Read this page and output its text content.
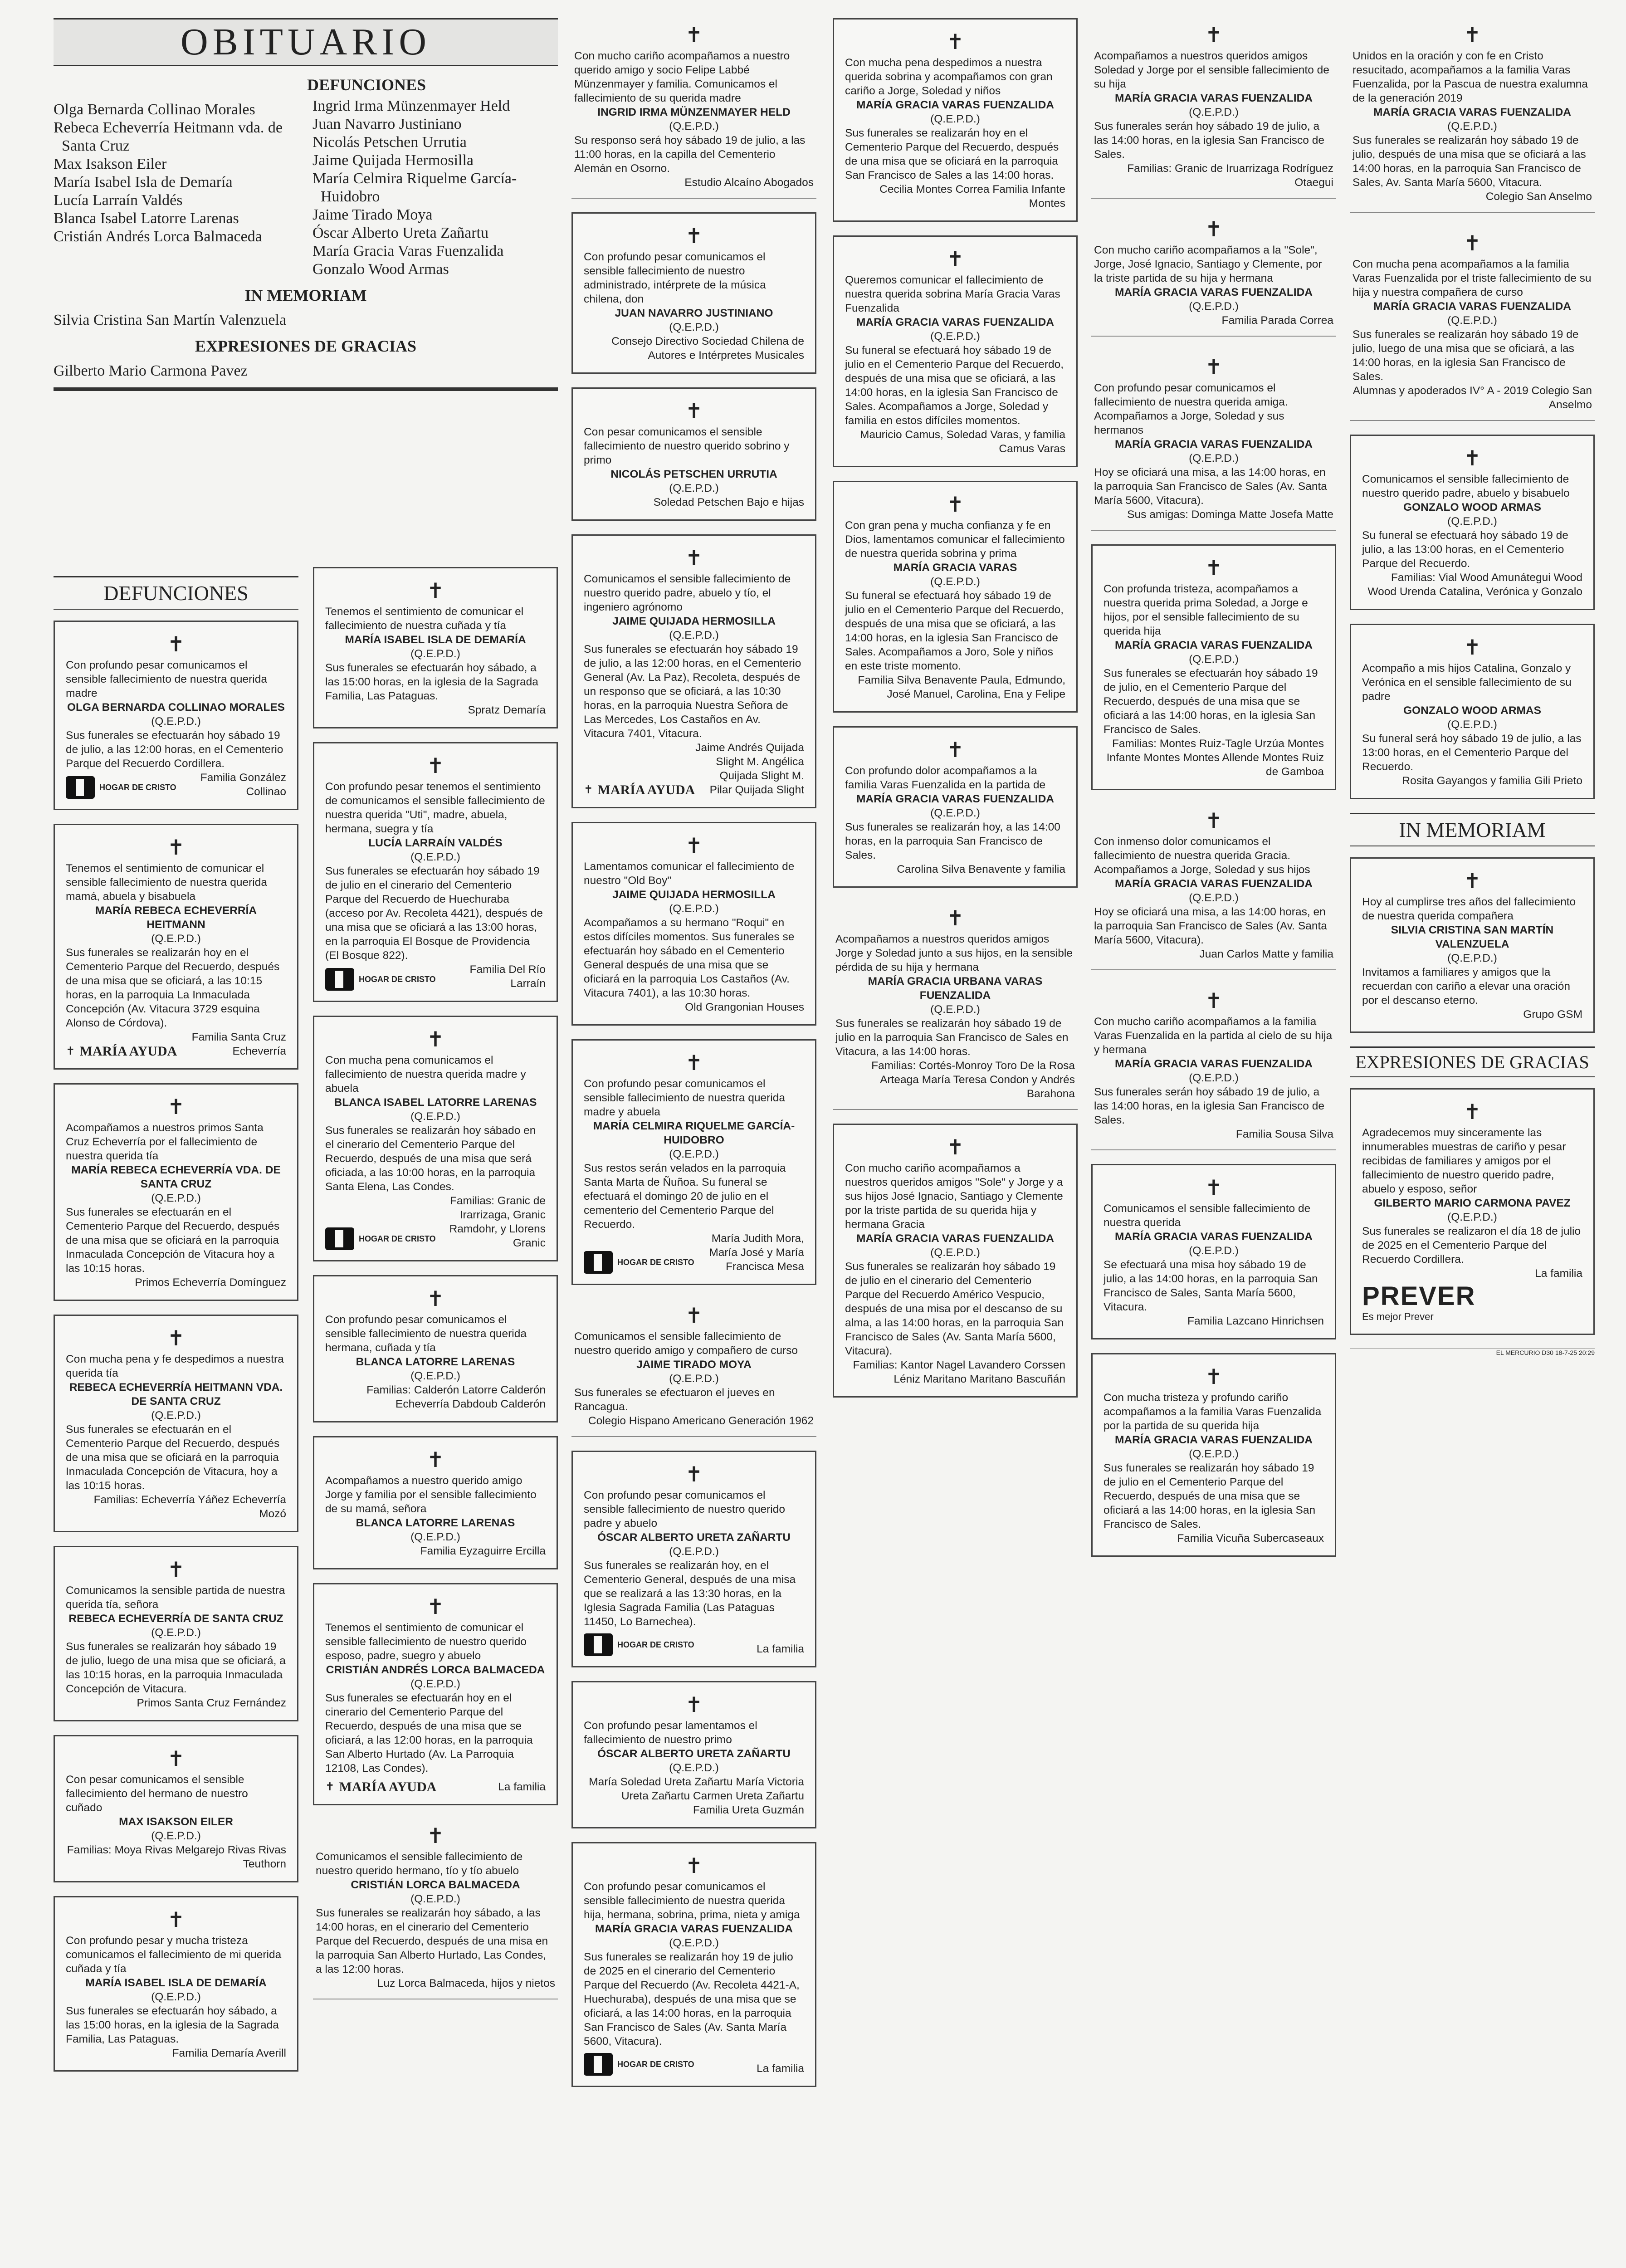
OBITUARIO
DEFUNCIONES
Olga Bernarda Collinao Morales
Rebeca Echeverría Heitmann vda. de Santa Cruz
Max Isakson Eiler
María Isabel Isla de Demaría
Lucía Larraín Valdés
Blanca Isabel Latorre Larenas
Cristián Andrés Lorca Balmaceda
Ingrid Irma Münzenmayer Held
Juan Navarro Justiniano
Nicolás Petschen Urrutia
Jaime Quijada Hermosilla
María Celmira Riquelme García-Huidobro
Jaime Tirado Moya
Óscar Alberto Ureta Zañartu
María Gracia Varas Fuenzalida
Gonzalo Wood Armas
IN MEMORIAM
Silvia Cristina San Martín Valenzuela
EXPRESIONES DE GRACIAS
Gilberto Mario Carmona Pavez
DEFUNCIONES
✝
Con profundo pesar comunicamos el sensible fallecimiento de nuestra querida madre
OLGA BERNARDA COLLINAO MORALES
(Q.E.P.D.)
Sus funerales se efectuarán hoy sábado 19 de julio, a las 12:00 horas, en el Cementerio Parque del Recuerdo Cordillera.
HOGAR DE CRISTO
Familia González Collinao
✝
Tenemos el sentimiento de comunicar el sensible fallecimiento de nuestra querida mamá, abuela y bisabuela
MARÍA REBECA ECHEVERRÍA HEITMANN
(Q.E.P.D.)
Sus funerales se realizarán hoy en el Cementerio Parque del Recuerdo, después de una misa que se oficiará, a las 10:15 horas, en la parroquia La Inmaculada Concepción (Av. Vitacura 3729 esquina Alonso de Córdova).
✝ MARÍA AYUDA
Familia Santa Cruz Echeverría
✝
Acompañamos a nuestros primos Santa Cruz Echeverría por el fallecimiento de nuestra querida tía
MARÍA REBECA ECHEVERRÍA VDA. DE SANTA CRUZ
(Q.E.P.D.)
Sus funerales se efectuarán en el Cementerio Parque del Recuerdo, después de una misa que se oficiará en la parroquia Inmaculada Concepción de Vitacura hoy a las 10:15 horas.
Primos Echeverría Domínguez
✝
Con mucha pena y fe despedimos a nuestra querida tía
REBECA ECHEVERRÍA HEITMANN VDA. DE SANTA CRUZ
(Q.E.P.D.)
Sus funerales se efectuarán en el Cementerio Parque del Recuerdo, después de una misa que se oficiará en la parroquia Inmaculada Concepción de Vitacura, hoy a las 10:15 horas.
Familias: Echeverría Yáñez Echeverría Mozó
✝
Comunicamos la sensible partida de nuestra querida tía, señora
REBECA ECHEVERRÍA DE SANTA CRUZ
(Q.E.P.D.)
Sus funerales se realizarán hoy sábado 19 de julio, luego de una misa que se oficiará, a las 10:15 horas, en la parroquia Inmaculada Concepción de Vitacura.
Primos Santa Cruz Fernández
✝
Con pesar comunicamos el sensible fallecimiento del hermano de nuestro cuñado
MAX ISAKSON EILER
(Q.E.P.D.)
Familias: Moya Rivas Melgarejo Rivas Rivas Teuthorn
✝
Con profundo pesar y mucha tristeza comunicamos el fallecimiento de mi querida cuñada y tía
MARÍA ISABEL ISLA DE DEMARÍA
(Q.E.P.D.)
Sus funerales se efectuarán hoy sábado, a las 15:00 horas, en la iglesia de la Sagrada Familia, Las Pataguas.
Familia Demaría Averill
✝
Tenemos el sentimiento de comunicar el fallecimiento de nuestra cuñada y tía
MARÍA ISABEL ISLA DE DEMARÍA
(Q.E.P.D.)
Sus funerales se efectuarán hoy sábado, a las 15:00 horas, en la iglesia de la Sagrada Familia, Las Pataguas.
Spratz Demaría
✝
Con profundo pesar tenemos el sentimiento de comunicamos el sensible fallecimiento de nuestra querida "Uti", madre, abuela, hermana, suegra y tía
LUCÍA LARRAÍN VALDÉS
(Q.E.P.D.)
Sus funerales se efectuarán hoy sábado 19 de julio en el cinerario del Cementerio Parque del Recuerdo de Huechuraba (acceso por Av. Recoleta 4421), después de una misa que se oficiará a las 13:00 horas, en la parroquia El Bosque de Providencia (El Bosque 822).
HOGAR DE CRISTO
Familia Del Río Larraín
✝
Con mucha pena comunicamos el fallecimiento de nuestra querida madre y abuela
BLANCA ISABEL LATORRE LARENAS
(Q.E.P.D.)
Sus funerales se realizarán hoy sábado en el cinerario del Cementerio Parque del Recuerdo, después de una misa que será oficiada, a las 10:00 horas, en la parroquia Santa Elena, Las Condes.
HOGAR DE CRISTO
Familias: Granic de Irarrizaga, Granic Ramdohr, y Llorens Granic
✝
Con profundo pesar comunicamos el sensible fallecimiento de nuestra querida hermana, cuñada y tía
BLANCA LATORRE LARENAS
(Q.E.P.D.)
Familias: Calderón Latorre Calderón Echeverría Dabdoub Calderón
✝
Acompañamos a nuestro querido amigo Jorge y familia por el sensible fallecimiento de su mamá, señora
BLANCA LATORRE LARENAS
(Q.E.P.D.)
Familia Eyzaguirre Ercilla
✝
Tenemos el sentimiento de comunicar el sensible fallecimiento de nuestro querido esposo, padre, suegro y abuelo
CRISTIÁN ANDRÉS LORCA BALMACEDA
(Q.E.P.D.)
Sus funerales se efectuarán hoy en el cinerario del Cementerio Parque del Recuerdo, después de una misa que se oficiará, a las 12:00 horas, en la parroquia San Alberto Hurtado (Av. La Parroquia 12108, Las Condes).
✝ MARÍA AYUDA	La familia
✝
Comunicamos el sensible fallecimiento de nuestro querido hermano, tío y tío abuelo
CRISTIÁN LORCA BALMACEDA
(Q.E.P.D.)
Sus funerales se realizarán hoy sábado, a las 14:00 horas, en el cinerario del Cementerio Parque del Recuerdo, después de una misa en la parroquia San Alberto Hurtado, Las Condes, a las 12:00 horas.
Luz Lorca Balmaceda, hijos y nietos
✝
Con mucho cariño acompañamos a nuestro querido amigo y socio Felipe Labbé Münzenmayer y familia. Comunicamos el fallecimiento de su querida madre
INGRID IRMA MÜNZENMAYER HELD
(Q.E.P.D.)
Su responso será hoy sábado 19 de julio, a las 11:00 horas, en la capilla del Cementerio Alemán en Osorno.
Estudio Alcaíno Abogados
✝
Con profundo pesar comunicamos el sensible fallecimiento de nuestro administrado, intérprete de la música chilena, don
JUAN NAVARRO JUSTINIANO
(Q.E.P.D.)
Consejo Directivo Sociedad Chilena de Autores e Intérpretes Musicales
✝
Con pesar comunicamos el sensible fallecimiento de nuestro querido sobrino y primo
NICOLÁS PETSCHEN URRUTIA
(Q.E.P.D.)
Soledad Petschen Bajo e hijas
✝
Comunicamos el sensible fallecimiento de nuestro querido padre, abuelo y tío, el ingeniero agrónomo
JAIME QUIJADA HERMOSILLA
(Q.E.P.D.)
Sus funerales se efectuarán hoy sábado 19 de julio, a las 12:00 horas, en el Cementerio General (Av. La Paz), Recoleta, después de un responso que se oficiará, a las 10:30 horas, en la parroquia Nuestra Señora de Las Mercedes, Los Castaños en Av. Vitacura 7401, Vitacura.
✝ MARÍA AYUDA
Jaime Andrés Quijada Slight M. Angélica Quijada Slight M. Pilar Quijada Slight
✝
Lamentamos comunicar el fallecimiento de nuestro "Old Boy"
JAIME QUIJADA HERMOSILLA
(Q.E.P.D.)
Acompañamos a su hermano "Roqui" en estos difíciles momentos. Sus funerales se efectuarán hoy sábado en el Cementerio General después de una misa que se oficiará en la parroquia Los Castaños (Av. Vitacura 7401), a las 10:30 horas.
Old Grangonian Houses
✝
Con profundo pesar comunicamos el sensible fallecimiento de nuestra querida madre y abuela
MARÍA CELMIRA RIQUELME GARCÍA-HUIDOBRO
(Q.E.P.D.)
Sus restos serán velados en la parroquia Santa Marta de Ñuñoa. Su funeral se efectuará el domingo 20 de julio en el cementerio del Cementerio Parque del Recuerdo.
HOGAR DE CRISTO
María Judith Mora, María José y María Francisca Mesa
✝
Comunicamos el sensible fallecimiento de nuestro querido amigo y compañero de curso
JAIME TIRADO MOYA
(Q.E.P.D.)
Sus funerales se efectuaron el jueves en Rancagua.
Colegio Hispano Americano Generación 1962
✝
Con profundo pesar comunicamos el sensible fallecimiento de nuestro querido padre y abuelo
ÓSCAR ALBERTO URETA ZAÑARTU
(Q.E.P.D.)
Sus funerales se realizarán hoy, en el Cementerio General, después de una misa que se realizará a las 13:30 horas, en la Iglesia Sagrada Familia (Las Pataguas 11450, Lo Barnechea).
HOGAR DE CRISTO	La familia
✝
Con profundo pesar lamentamos el fallecimiento de nuestro primo
ÓSCAR ALBERTO URETA ZAÑARTU
(Q.E.P.D.)
María Soledad Ureta Zañartu María Victoria Ureta Zañartu Carmen Ureta Zañartu Familia Ureta Guzmán
✝
Con profundo pesar comunicamos el sensible fallecimiento de nuestra querida hija, hermana, sobrina, prima, nieta y amiga
MARÍA GRACIA VARAS FUENZALIDA
(Q.E.P.D.)
Sus funerales se realizarán hoy 19 de julio de 2025 en el cinerario del Cementerio Parque del Recuerdo (Av. Recoleta 4421-A, Huechuraba), después de una misa que se oficiará, a las 14:00 horas, en la parroquia San Francisco de Sales (Av. Santa María 5600, Vitacura).
HOGAR DE CRISTO	La familia
✝
Con mucha pena despedimos a nuestra querida sobrina y acompañamos con gran cariño a Jorge, Soledad y niños
MARÍA GRACIA VARAS FUENZALIDA
(Q.E.P.D.)
Sus funerales se realizarán hoy en el Cementerio Parque del Recuerdo, después de una misa que se oficiará en la parroquia San Francisco de Sales a las 14:00 horas.
Cecilia Montes Correa Familia Infante Montes
✝
Queremos comunicar el fallecimiento de nuestra querida sobrina María Gracia Varas Fuenzalida
MARÍA GRACIA VARAS FUENZALIDA
(Q.E.P.D.)
Su funeral se efectuará hoy sábado 19 de julio en el Cementerio Parque del Recuerdo, después de una misa que se oficiará, a las 14:00 horas, en la iglesia San Francisco de Sales. Acompañamos a Jorge, Soledad y familia en estos difíciles momentos.
Mauricio Camus, Soledad Varas, y familia Camus Varas
✝
Con gran pena y mucha confianza y fe en Dios, lamentamos comunicar el fallecimiento de nuestra querida sobrina y prima
MARÍA GRACIA VARAS
(Q.E.P.D.)
Su funeral se efectuará hoy sábado 19 de julio en el Cementerio Parque del Recuerdo, después de una misa que se oficiará, a las 14:00 horas, en la iglesia San Francisco de Sales. Acompañamos a Joro, Sole y niños en este triste momento.
Familia Silva Benavente Paula, Edmundo, José Manuel, Carolina, Ena y Felipe
✝
Con profundo dolor acompañamos a la familia Varas Fuenzalida en la partida de
MARÍA GRACIA VARAS FUENZALIDA
(Q.E.P.D.)
Sus funerales se realizarán hoy, a las 14:00 horas, en la parroquia San Francisco de Sales.
Carolina Silva Benavente y familia
✝
Acompañamos a nuestros queridos amigos Jorge y Soledad junto a sus hijos, en la sensible pérdida de su hija y hermana
MARÍA GRACIA URBANA VARAS FUENZALIDA
(Q.E.P.D.)
Sus funerales se realizarán hoy sábado 19 de julio en la parroquia San Francisco de Sales en Vitacura, a las 14:00 horas.
Familias: Cortés-Monroy Toro De la Rosa Arteaga María Teresa Condon y Andrés Barahona
✝
Con mucho cariño acompañamos a nuestros queridos amigos "Sole" y Jorge y a sus hijos José Ignacio, Santiago y Clemente por la triste partida de su querida hija y hermana Gracia
MARÍA GRACIA VARAS FUENZALIDA
(Q.E.P.D.)
Sus funerales se realizarán hoy sábado 19 de julio en el cinerario del Cementerio Parque del Recuerdo Américo Vespucio, después de una misa por el descanso de su alma, a las 14:00 horas, en la parroquia San Francisco de Sales (Av. Santa María 5600, Vitacura).
Familias: Kantor Nagel Lavandero Corssen Léniz Maritano Maritano Bascuñán
✝
Acompañamos a nuestros queridos amigos Soledad y Jorge por el sensible fallecimiento de su hija
MARÍA GRACIA VARAS FUENZALIDA
(Q.E.P.D.)
Sus funerales serán hoy sábado 19 de julio, a las 14:00 horas, en la iglesia San Francisco de Sales.
Familias: Granic de Iruarrizaga Rodríguez Otaegui
✝
Con mucho cariño acompañamos a la "Sole", Jorge, José Ignacio, Santiago y Clemente, por la triste partida de su hija y hermana
MARÍA GRACIA VARAS FUENZALIDA
(Q.E.P.D.)
Familia Parada Correa
✝
Con profundo pesar comunicamos el fallecimiento de nuestra querida amiga. Acompañamos a Jorge, Soledad y sus hermanos
MARÍA GRACIA VARAS FUENZALIDA
(Q.E.P.D.)
Hoy se oficiará una misa, a las 14:00 horas, en la parroquia San Francisco de Sales (Av. Santa María 5600, Vitacura).
Sus amigas: Dominga Matte Josefa Matte
✝
Con profunda tristeza, acompañamos a nuestra querida prima Soledad, a Jorge e hijos, por el sensible fallecimiento de su querida hija
MARÍA GRACIA VARAS FUENZALIDA
(Q.E.P.D.)
Sus funerales se efectuarán hoy sábado 19 de julio, en el Cementerio Parque del Recuerdo, después de una misa que se oficiará a las 14:00 horas, en la iglesia San Francisco de Sales.
Familias: Montes Ruiz-Tagle Urzúa Montes Infante Montes Montes Allende Montes Ruiz de Gamboa
✝
Con inmenso dolor comunicamos el fallecimiento de nuestra querida Gracia. Acompañamos a Jorge, Soledad y sus hijos
MARÍA GRACIA VARAS FUENZALIDA
(Q.E.P.D.)
Hoy se oficiará una misa, a las 14:00 horas, en la parroquia San Francisco de Sales (Av. Santa María 5600, Vitacura).
Juan Carlos Matte y familia
✝
Con mucho cariño acompañamos a la familia Varas Fuenzalida en la partida al cielo de su hija y hermana
MARÍA GRACIA VARAS FUENZALIDA
(Q.E.P.D.)
Sus funerales serán hoy sábado 19 de julio, a las 14:00 horas, en la iglesia San Francisco de Sales.
Familia Sousa Silva
✝
Comunicamos el sensible fallecimiento de nuestra querida
MARÍA GRACIA VARAS FUENZALIDA
(Q.E.P.D.)
Se efectuará una misa hoy sábado 19 de julio, a las 14:00 horas, en la parroquia San Francisco de Sales, Santa María 5600, Vitacura.
Familia Lazcano Hinrichsen
✝
Con mucha tristeza y profundo cariño acompañamos a la familia Varas Fuenzalida por la partida de su querida hija
MARÍA GRACIA VARAS FUENZALIDA
(Q.E.P.D.)
Sus funerales se realizarán hoy sábado 19 de julio en el Cementerio Parque del Recuerdo, después de una misa que se oficiará a las 14:00 horas, en la iglesia San Francisco de Sales.
Familia Vicuña Subercaseaux
✝
Unidos en la oración y con fe en Cristo resucitado, acompañamos a la familia Varas Fuenzalida, por la Pascua de nuestra exalumna de la generación 2019
MARÍA GRACIA VARAS FUENZALIDA
(Q.E.P.D.)
Sus funerales se realizarán hoy sábado 19 de julio, después de una misa que se oficiará a las 14:00 horas, en la parroquia San Francisco de Sales, Av. Santa María 5600, Vitacura.
Colegio San Anselmo
✝
Con mucha pena acompañamos a la familia Varas Fuenzalida por el triste fallecimiento de su hija y nuestra compañera de curso
MARÍA GRACIA VARAS FUENZALIDA
(Q.E.P.D.)
Sus funerales se realizarán hoy sábado 19 de julio, luego de una misa que se oficiará, a las 14:00 horas, en la iglesia San Francisco de Sales.
Alumnas y apoderados IV° A - 2019 Colegio San Anselmo
✝
Comunicamos el sensible fallecimiento de nuestro querido padre, abuelo y bisabuelo
GONZALO WOOD ARMAS
(Q.E.P.D.)
Su funeral se efectuará hoy sábado 19 de julio, a las 13:00 horas, en el Cementerio Parque del Recuerdo.
Familias: Vial Wood Amunátegui Wood Wood Urenda Catalina, Verónica y Gonzalo
✝
Acompaño a mis hijos Catalina, Gonzalo y Verónica en el sensible fallecimiento de su padre
GONZALO WOOD ARMAS
(Q.E.P.D.)
Su funeral será hoy sábado 19 de julio, a las 13:00 horas, en el Cementerio Parque del Recuerdo.
Rosita Gayangos y familia Gili Prieto
IN MEMORIAM
✝
Hoy al cumplirse tres años del fallecimiento de nuestra querida compañera
SILVIA CRISTINA SAN MARTÍN VALENZUELA
(Q.E.P.D.)
Invitamos a familiares y amigos que la recuerdan con cariño a elevar una oración por el descanso eterno.
Grupo GSM
EXPRESIONES DE GRACIAS
✝
Agradecemos muy sinceramente las innumerables muestras de cariño y pesar recibidas de familiares y amigos por el fallecimiento de nuestro querido padre, abuelo y esposo, señor
GILBERTO MARIO CARMONA PAVEZ
(Q.E.P.D.)
Sus funerales se realizaron el día 18 de julio de 2025 en el Cementerio Parque del Recuerdo Cordillera.
La familia
PREVER
Es mejor Prever
EL MERCURIO D30 18-7-25 20:29
